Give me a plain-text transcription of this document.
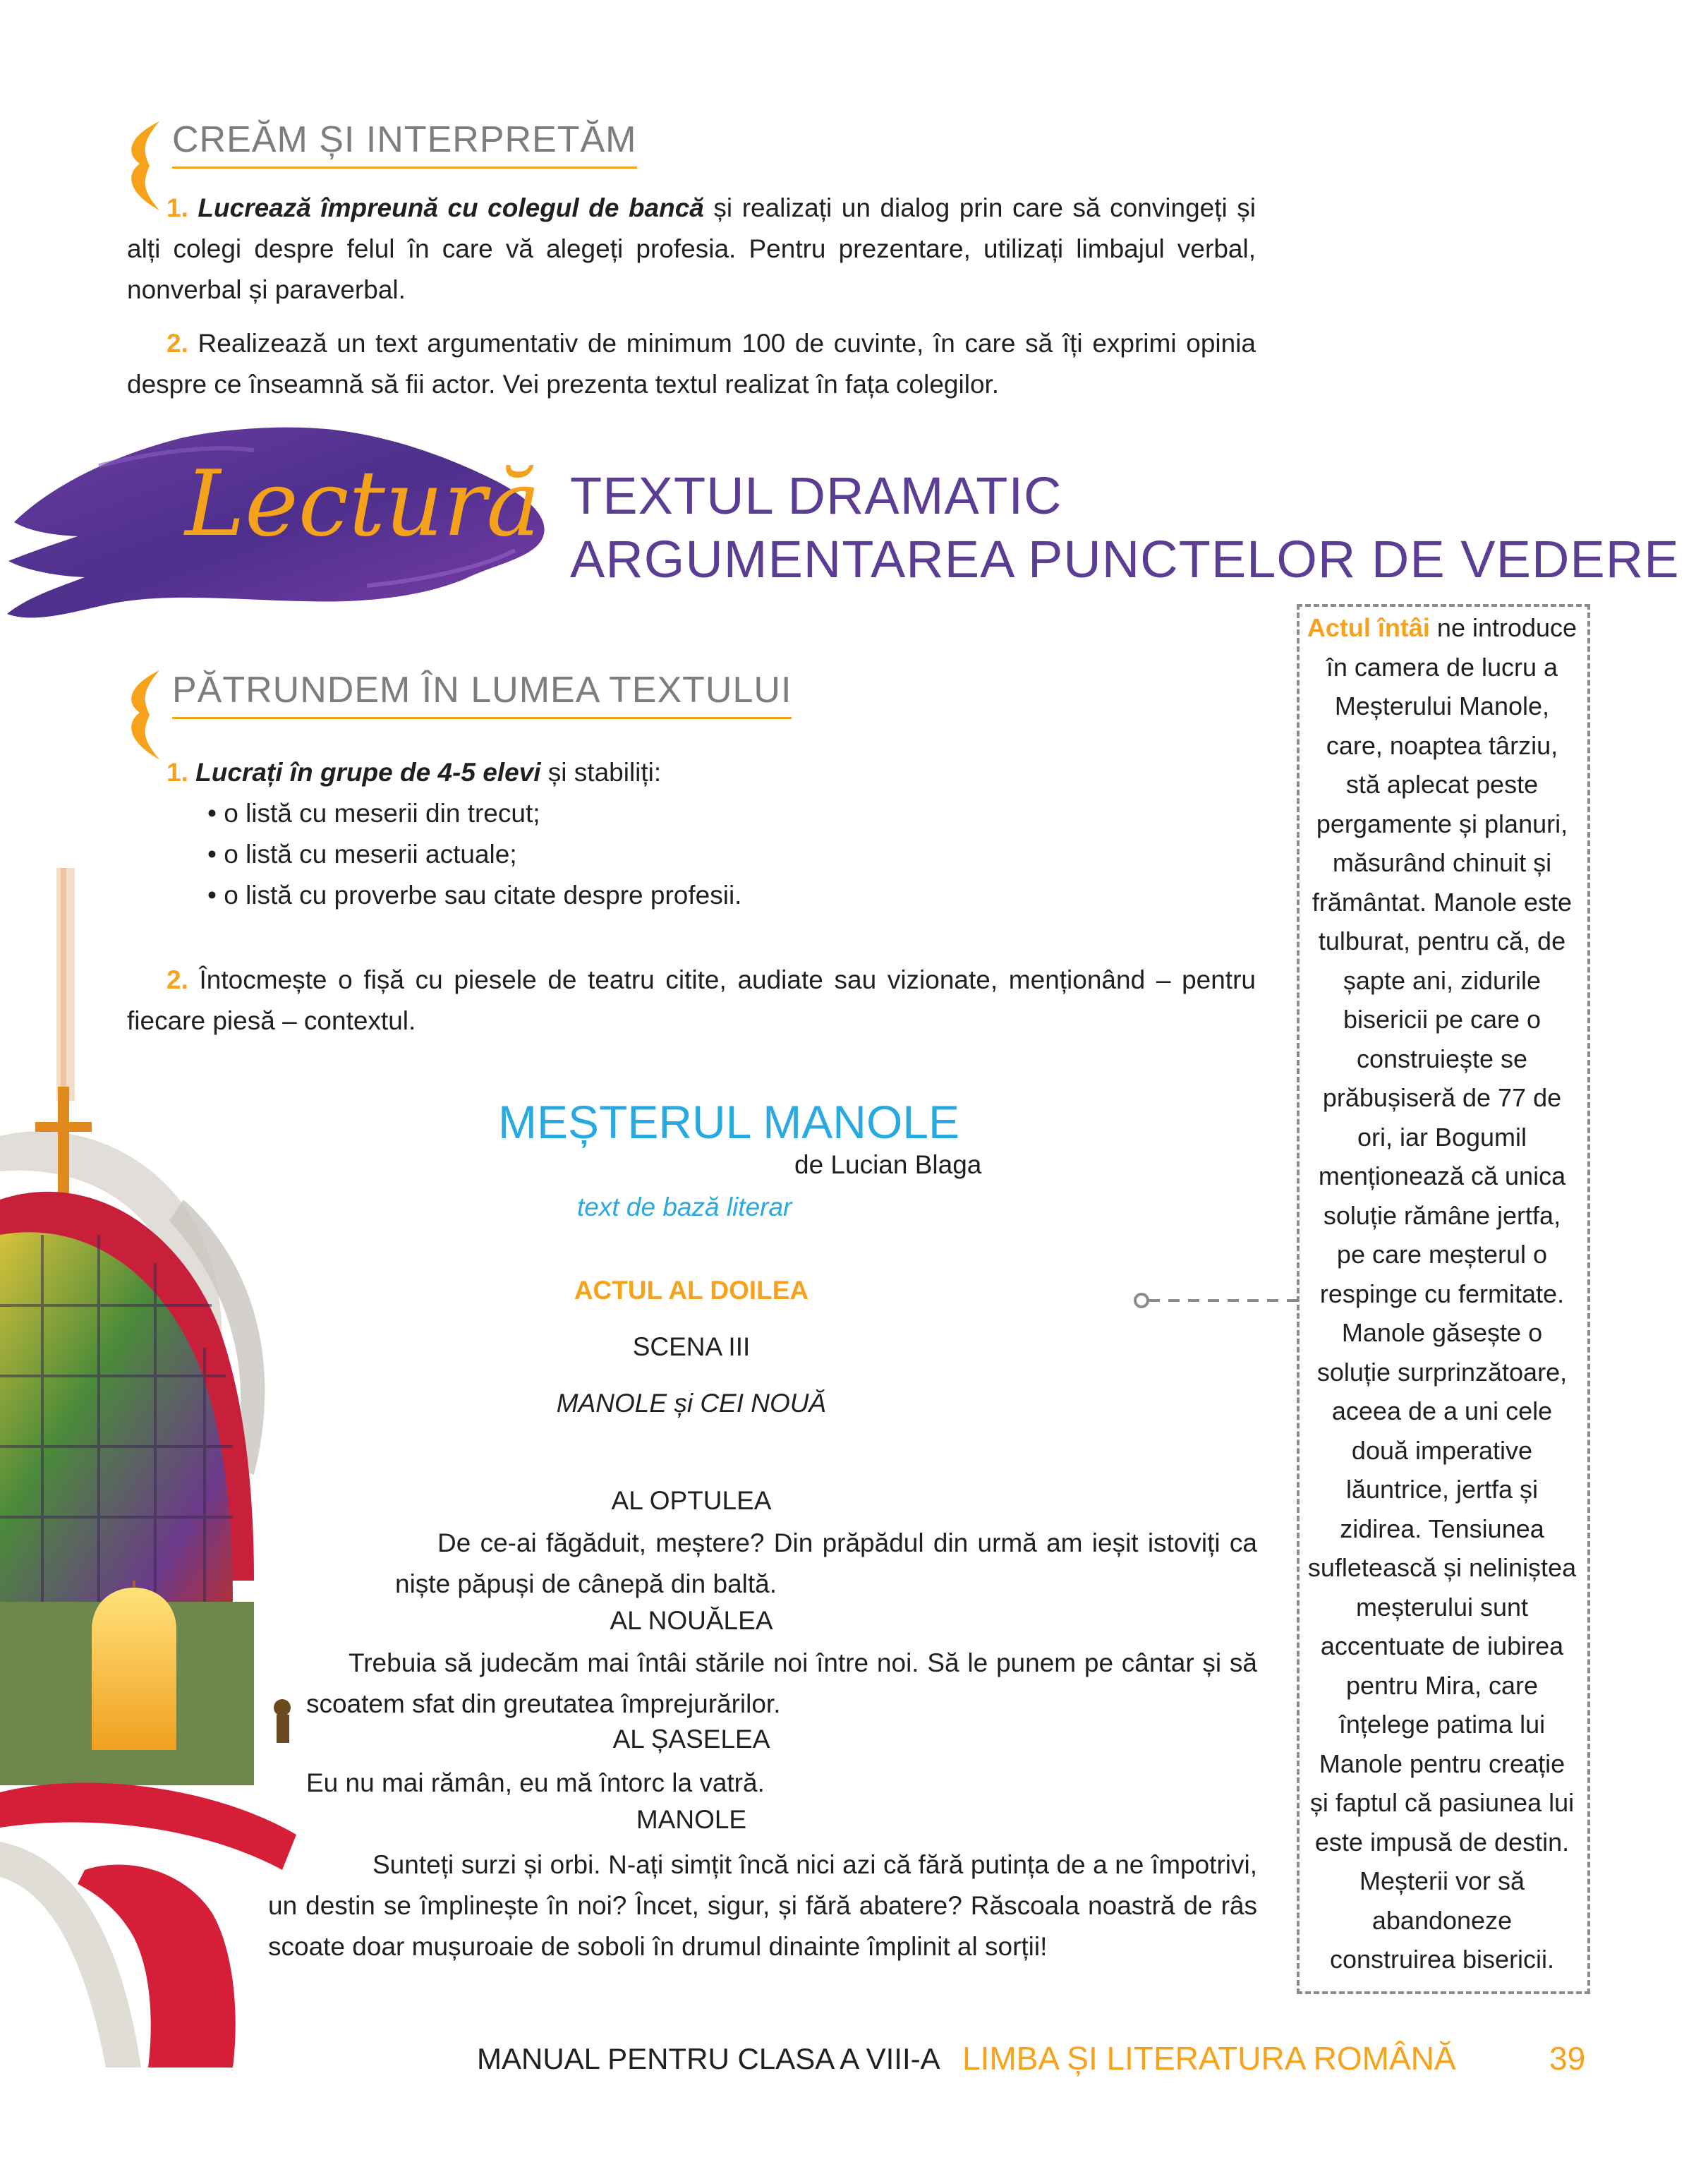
CREĂM ȘI INTERPRETĂM
1. Lucrează împreună cu colegul de bancă și realizați un dialog prin care să convingeți și alți colegi despre felul în care vă alegeți profesia. Pentru prezentare, utilizați limbajul verbal, nonverbal și paraverbal.
2. Realizează un text argumentativ de minimum 100 de cuvinte, în care să îți exprimi opinia despre ce înseamnă să fii actor. Vei prezenta textul realizat în fața colegilor.
Lectură TEXTUL DRAMATIC
ARGUMENTAREA PUNCTELOR DE VEDERE
Actul întâi ne introduce în camera de lucru a Meșterului Manole, care, noaptea târziu, stă aplecat peste pergamente și planuri, măsurând chinuit și frământat. Manole este tulburat, pentru că, de șapte ani, zidurile bisericii pe care o construiește se prăbușiseră de 77 de ori, iar Bogumil menționează că unica soluție rămâne jertfa, pe care meșterul o respinge cu fermitate. Manole găsește o soluție surprinzătoare, aceea de a uni cele două imperative lăuntrice, jertfa și zidirea. Tensiunea sufletească și neliniștea meșterului sunt accentuate de iubirea pentru Mira, care înțelege patima lui Manole pentru creație și faptul că pasiunea lui este impusă de destin. Meșterii vor să abandoneze construirea bisericii.
PĂTRUNDEM ÎN LUMEA TEXTULUI
1. Lucrați în grupe de 4-5 elevi și stabiliți:
• o listă cu meserii din trecut;
• o listă cu meserii actuale;
• o listă cu proverbe sau citate despre profesii.
2. Întocmește o fișă cu piesele de teatru citite, audiate sau vizionate, menționând – pentru fiecare piesă – contextul.
MEȘTERUL MANOLE
de Lucian Blaga
text de bază literar
ACTUL AL DOILEA
SCENA III
MANOLE și CEI NOUĂ
AL OPTULEA
De ce-ai făgăduit, meștere? Din prăpădul din urmă am ieșit istoviți ca niște păpuși de cânepă din baltă.
AL NOUĂLEA
Trebuia să judecăm mai întâi stările noi între noi. Să le punem pe cântar și să scoatem sfat din greutatea împrejurărilor.
AL ȘASELEA
Eu nu mai rămân, eu mă întorc la vatră.
MANOLE
Sunteți surzi și orbi. N-ați simțit încă nici azi că fără putința de a ne împotrivi, un destin se împlinește în noi? Încet, sigur, și fără abatere? Răscoala noastră de râs scoate doar mușuroaie de soboli în drumul dinainte împlinit al sorții!
MANUAL PENTRU CLASA A VIII-A LIMBA ȘI LITERATURA ROMÂNĂ	39
